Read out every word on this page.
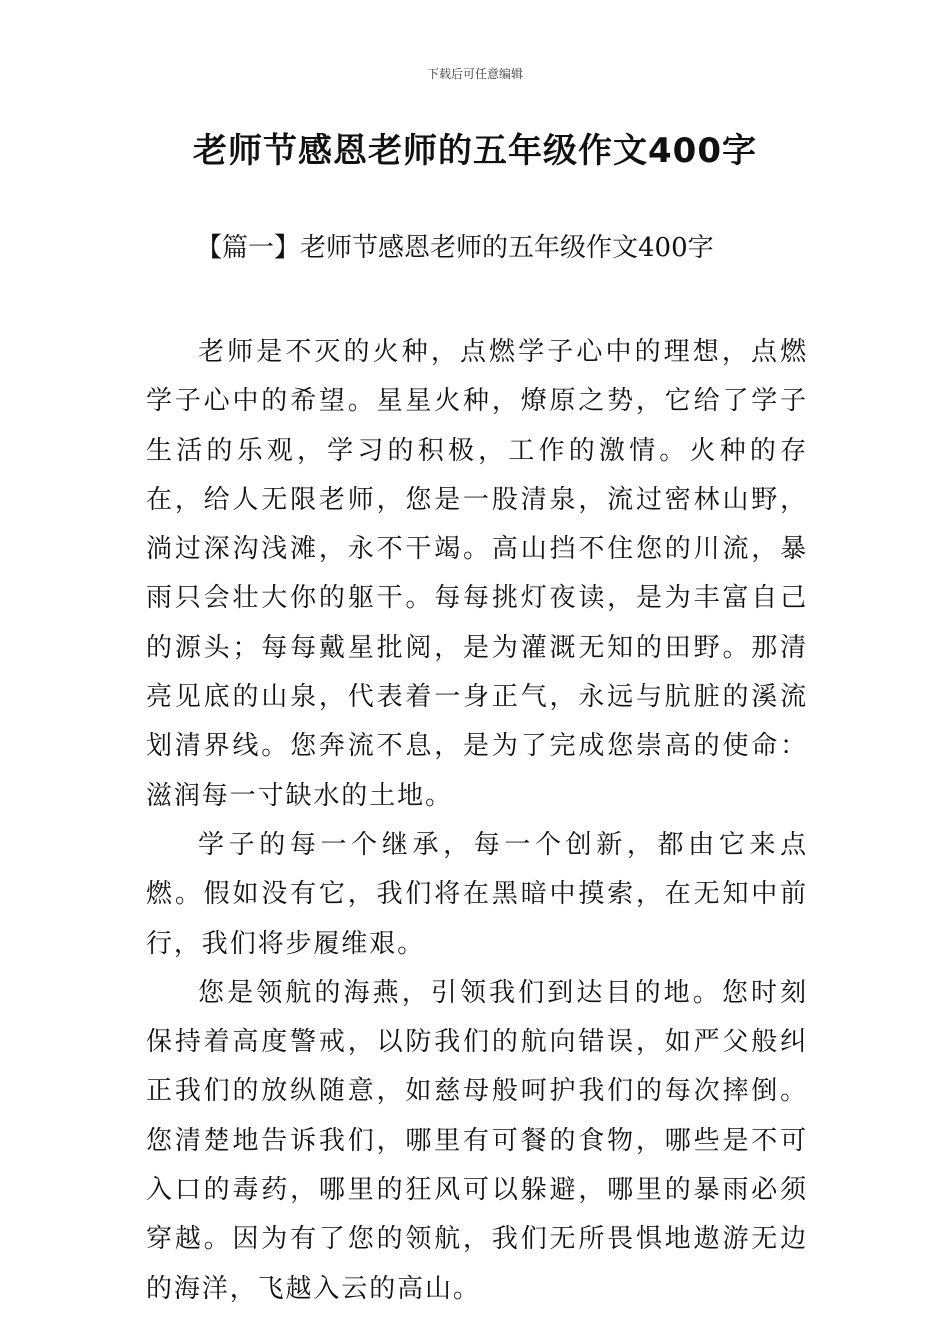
下载后可任意编辑
老师节感恩老师的五年级作文400字
【篇一】老师节感恩老师的五年级作文400字

老师是不灭的火种，点燃学子心中的理想，点燃学子心中的希望。星星火种，燎原之势，它给了学子生活的乐观，学习的积极，工作的激情。火种的存在，给人无限老师，您是一股清泉，流过密林山野，淌过深沟浅滩，永不干竭。高山挡不住您的川流，暴雨只会壮大你的躯干。每每挑灯夜读，是为丰富自己的源头；每每戴星批阅，是为灌溉无知的田野。那清亮见底的山泉，代表着一身正气，永远与肮脏的溪流划清界线。您奔流不息，是为了完成您崇高的使命：滋润每一寸缺水的土地。

学子的每一个继承，每一个创新，都由它来点燃。假如没有它，我们将在黑暗中摸索，在无知中前行，我们将步履维艰。

您是领航的海燕，引领我们到达目的地。您时刻保持着高度警戒，以防我们的航向错误，如严父般纠正我们的放纵随意，如慈母般呵护我们的每次摔倒。您清楚地告诉我们，哪里有可餐的食物，哪些是不可入口的毒药，哪里的狂风可以躲避，哪里的暴雨必须穿越。因为有了您的领航，我们无所畏惧地遨游无边的海洋，飞越入云的高山。
